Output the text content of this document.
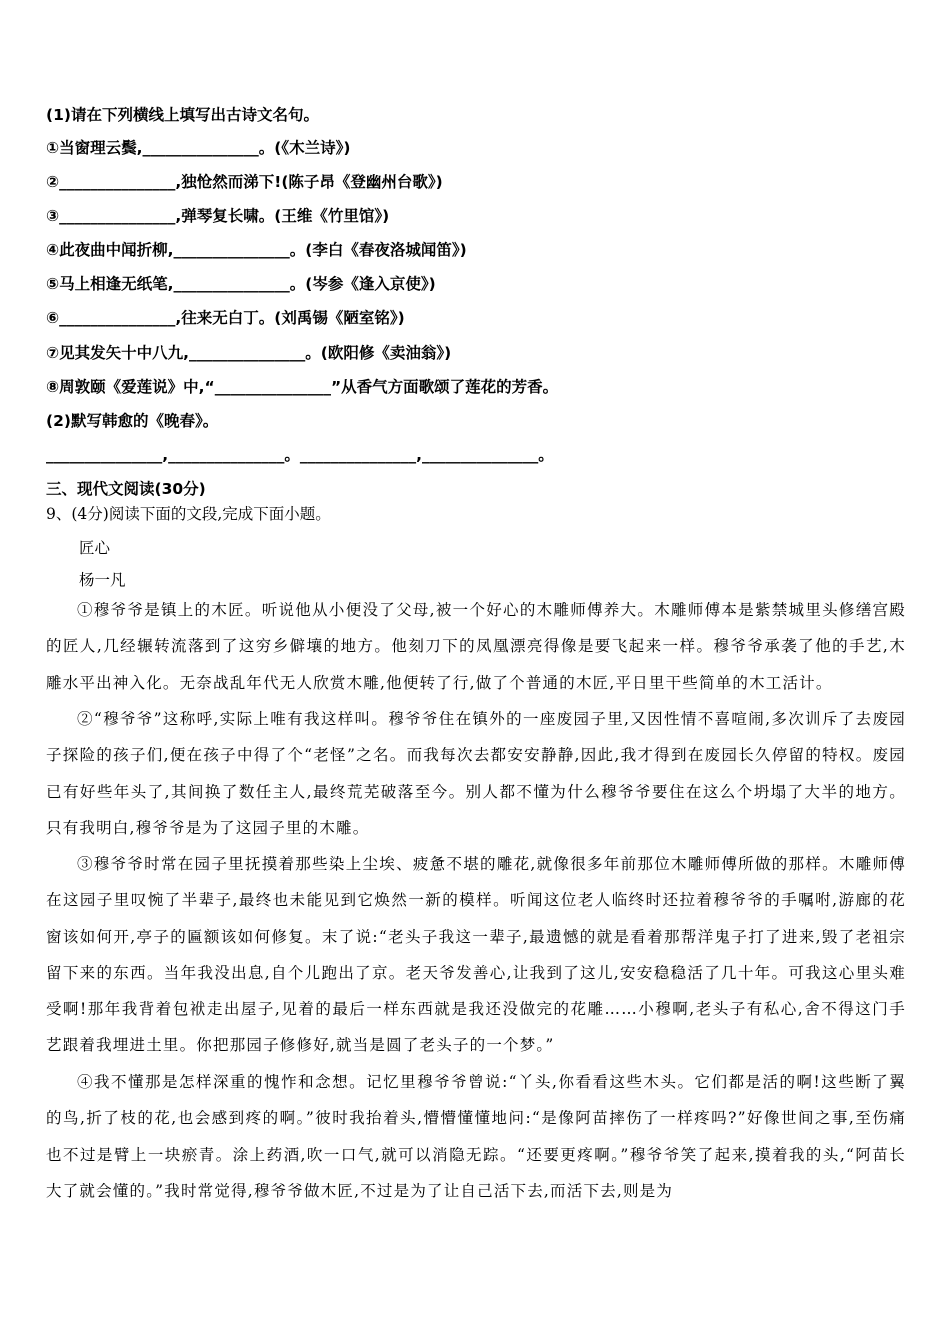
(1)请在下列横线上填写出古诗文名句。
①当窗理云鬓,_______________。(《木兰诗》)
②_______________,独怆然而涕下!(陈子昂《登幽州台歌》)
③_______________,弹琴复长啸。(王维《竹里馆》)
④此夜曲中闻折柳,_______________。(李白《春夜洛城闻笛》)
⑤马上相逢无纸笔,_______________。(岑参《逢入京使》)
⑥_______________,往来无白丁。(刘禹锡《陋室铭》)
⑦见其发矢十中八九,_______________。(欧阳修《卖油翁》)
⑧周敦颐《爱莲说》中,“_______________”从香气方面歌颂了莲花的芳香。
(2)默写韩愈的《晚春》。
_______________,_______________。_______________,_______________。
三、现代文阅读(30分)
9、(4分)阅读下面的文段,完成下面小题。
匠心
杨一凡
①穆爷爷是镇上的木匠。听说他从小便没了父母,被一个好心的木雕师傅养大。木雕师傅本是紫禁城里头修缮宫殿的匠人,几经辗转流落到了这穷乡僻壤的地方。他刻刀下的凤凰漂亮得像是要飞起来一样。穆爷爷承袭了他的手艺,木雕水平出神入化。无奈战乱年代无人欣赏木雕,他便转了行,做了个普通的木匠,平日里干些简单的木工活计。
②“穆爷爷”这称呼,实际上唯有我这样叫。穆爷爷住在镇外的一座废园子里,又因性情不喜喧闹,多次训斥了去废园子探险的孩子们,便在孩子中得了个“老怪”之名。而我每次去都安安静静,因此,我才得到在废园长久停留的特权。废园已有好些年头了,其间换了数任主人,最终荒芜破落至今。别人都不懂为什么穆爷爷要住在这么个坍塌了大半的地方。只有我明白,穆爷爷是为了这园子里的木雕。
③穆爷爷时常在园子里抚摸着那些染上尘埃、疲惫不堪的雕花,就像很多年前那位木雕师傅所做的那样。木雕师傅在这园子里叹惋了半辈子,最终也未能见到它焕然一新的模样。听闻这位老人临终时还拉着穆爷爷的手嘱咐,游廊的花窗该如何开,亭子的匾额该如何修复。末了说:“老头子我这一辈子,最遗憾的就是看着那帮洋鬼子打了进来,毁了老祖宗留下来的东西。当年我没出息,自个儿跑出了京。老天爷发善心,让我到了这儿,安安稳稳活了几十年。可我这心里头难受啊!那年我背着包袱走出屋子,见着的最后一样东西就是我还没做完的花雕……小穆啊,老头子有私心,舍不得这门手艺跟着我埋进土里。你把那园子修修好,就当是圆了老头子的一个梦。”
④我不懂那是怎样深重的愧怍和念想。记忆里穆爷爷曾说:“丫头,你看看这些木头。它们都是活的啊!这些断了翼的鸟,折了枝的花,也会感到疼的啊。”彼时我抬着头,懵懵懂懂地问:“是像阿苗摔伤了一样疼吗?”好像世间之事,至伤痛也不过是臂上一块瘀青。涂上药酒,吹一口气,就可以消隐无踪。“还要更疼啊。”穆爷爷笑了起来,摸着我的头,“阿苗长大了就会懂的。”我时常觉得,穆爷爷做木匠,不过是为了让自己活下去,而活下去,则是为
